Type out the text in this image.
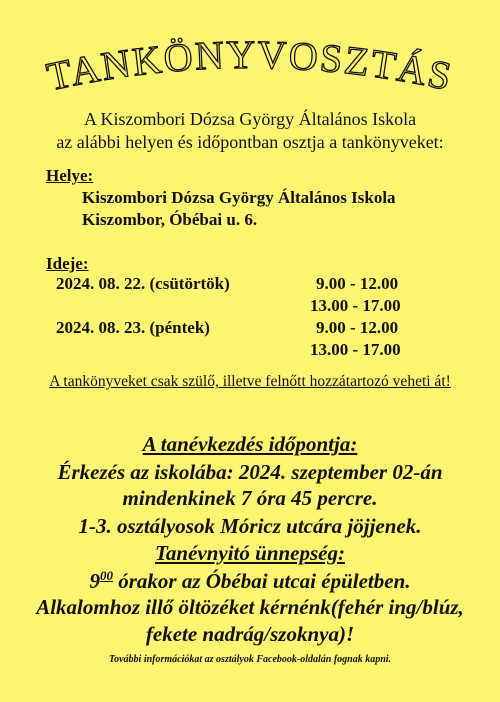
TANKÖNYVOSZTÁS
A Kiszombori Dózsa György Általános Iskola
az alábbi helyen és időpontban osztja a tankönyveket:
Helye:
Kiszombori Dózsa György Általános Iskola
Kiszombor, Óbébai u. 6.
Ideje:
2024. 08. 22. (csütörtök)	9.00 - 12.00
13.00 - 17.00
2024. 08. 23. (péntek)	9.00 - 12.00
13.00 - 17.00
A tankönyveket csak szülő, illetve felnőtt hozzátartozó veheti át!
A tanévkezdés időpontja:
Érkezés az iskolába: 2024. szeptember 02-án
mindenkinek 7 óra 45 percre.
1-3. osztályosok Móricz utcára jöjjenek.
Tanévnyitó ünnepség:
$9^{00}$ órakor az Óbébai utcai épületben.
Alkalomhoz illő öltözéket kérnénk(fehér ing/blúz,
fekete nadrág/szoknya)!
További információkat az osztályok Facebook-oldalán fognak kapni.
